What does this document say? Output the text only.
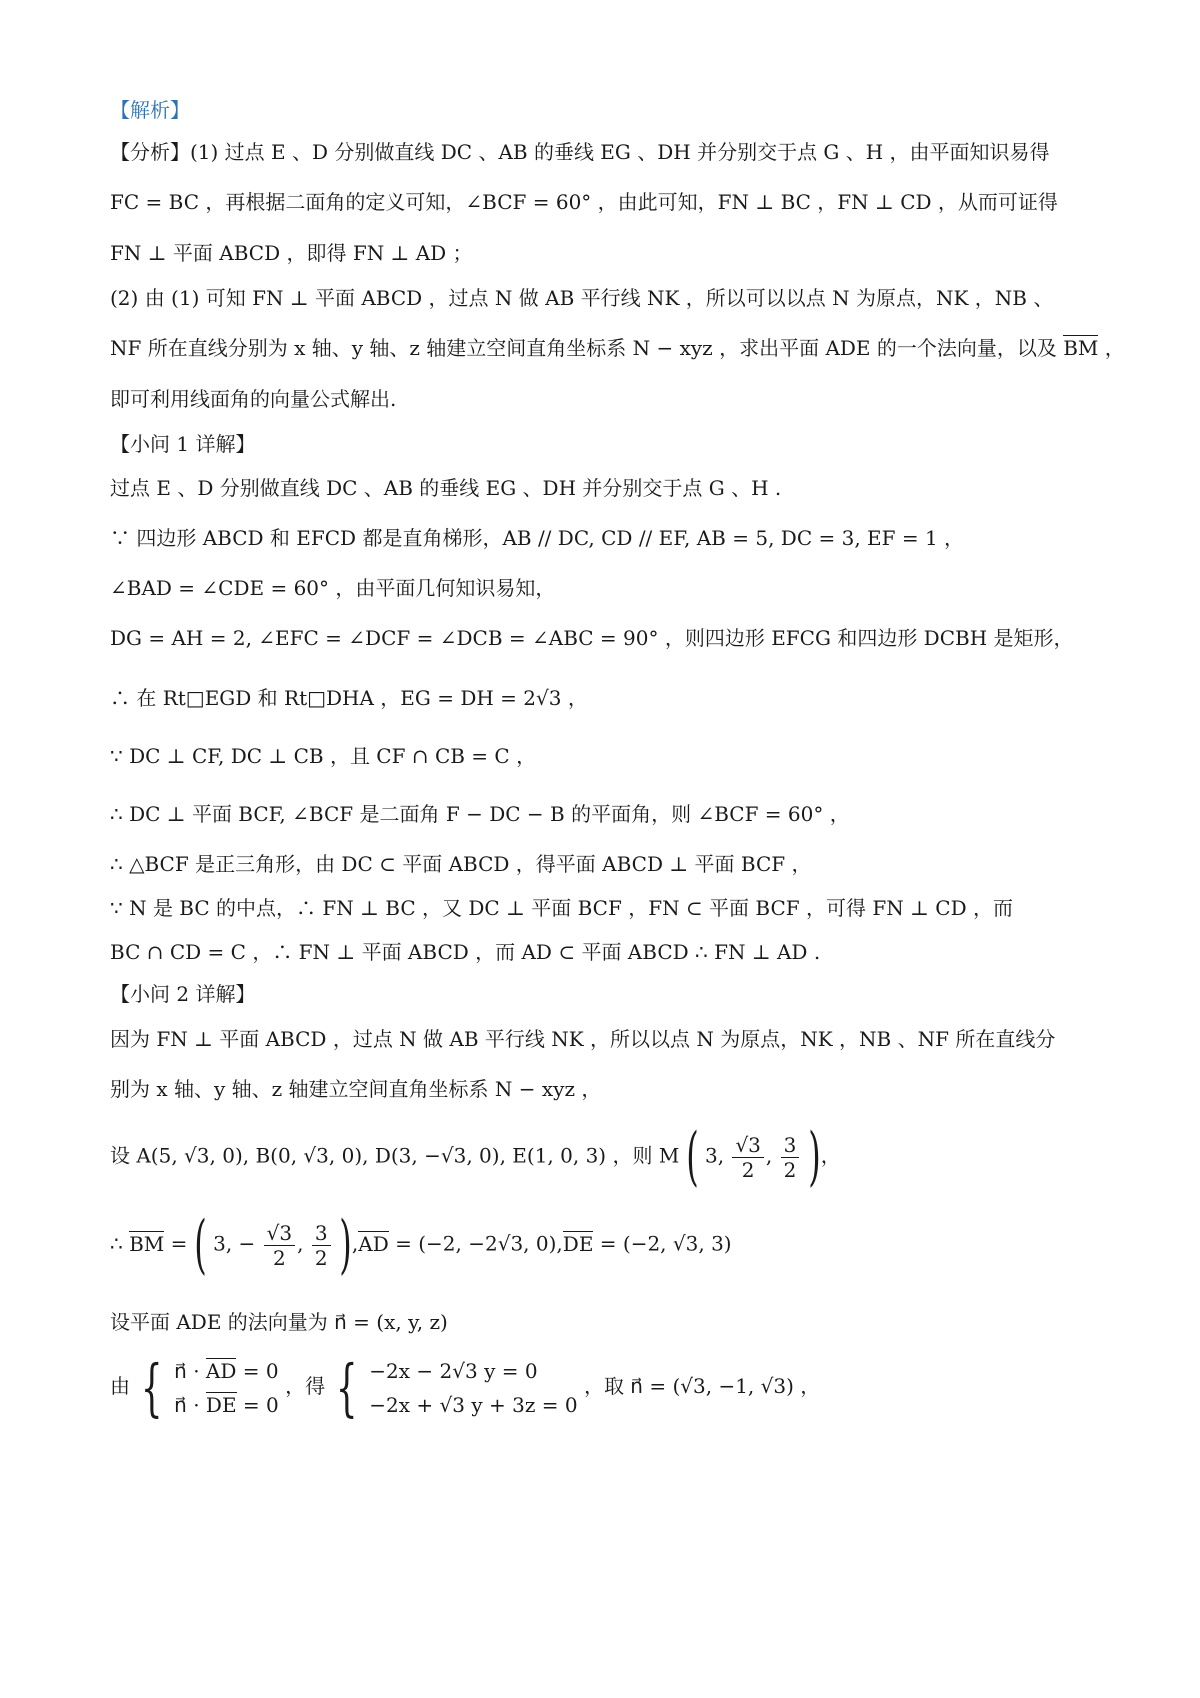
【解析】
【分析】(1) 过点 E 、D 分别做直线 DC 、AB 的垂线 EG 、DH 并分别交于点 G 、H ，由平面知识易得
FC = BC ，再根据二面角的定义可知，∠BCF = 60° ，由此可知，FN ⊥ BC ，FN ⊥ CD ，从而可证得
FN ⊥ 平面 ABCD ，即得 FN ⊥ AD ；
(2) 由 (1) 可知 FN ⊥ 平面 ABCD ，过点 N 做 AB 平行线 NK ，所以可以以点 N 为原点，NK ，NB 、
NF 所在直线分别为 x 轴、y 轴、z 轴建立空间直角坐标系 N − xyz ，求出平面 ADE 的一个法向量，以及 BM ，
即可利用线面角的向量公式解出.
【小问 1 详解】
过点 E 、D 分别做直线 DC 、AB 的垂线 EG 、DH 并分别交于点 G 、H .
∵ 四边形 ABCD 和 EFCD 都是直角梯形，AB // DC, CD // EF, AB = 5, DC = 3, EF = 1 ，
∠BAD = ∠CDE = 60° ，由平面几何知识易知，
DG = AH = 2, ∠EFC = ∠DCF = ∠DCB = ∠ABC = 90° ，则四边形 EFCG 和四边形 DCBH 是矩形，
∴ 在 Rt□EGD 和 Rt□DHA ，EG = DH = 2√3 ，
∵ DC ⊥ CF, DC ⊥ CB ，且 CF ∩ CB = C ，
∴ DC ⊥ 平面 BCF, ∠BCF 是二面角 F − DC − B 的平面角，则 ∠BCF = 60° ，
∴ △BCF 是正三角形，由 DC ⊂ 平面 ABCD ，得平面 ABCD ⊥ 平面 BCF ，
∵ N 是 BC 的中点，∴ FN ⊥ BC ，又 DC ⊥ 平面 BCF ，FN ⊂ 平面 BCF ，可得 FN ⊥ CD ，而
BC ∩ CD = C ，∴ FN ⊥ 平面 ABCD ，而 AD ⊂ 平面 ABCD ∴ FN ⊥ AD .
【小问 2 详解】
因为 FN ⊥ 平面 ABCD ，过点 N 做 AB 平行线 NK ，所以以点 N 为原点，NK ，NB 、NF 所在直线分
别为 x 轴、y 轴、z 轴建立空间直角坐标系 N − xyz ，
设 A(5, √3, 0), B(0, √3, 0), D(3, −√3, 0), E(1, 0, 3) ，则 M ( 3, $\frac{√3}{2}$ , $\frac{3}{2}$ )，
∴ BM = ( 3, − $\frac{√3}{2}$ , $\frac{3}{2} ),AD = (-2$, −2√3, 0),DE = (−2, √3, 3)
设平面 ADE 的法向量为 n⃗ = (x, y, z)
由 { n⃗ · AD = 0
n⃗ · DE = 0
，得 { −2x − 2√3 y = 0
−2x + √3 y + 3z = 0
，取 n⃗ = (√3, −1, √3) ，
